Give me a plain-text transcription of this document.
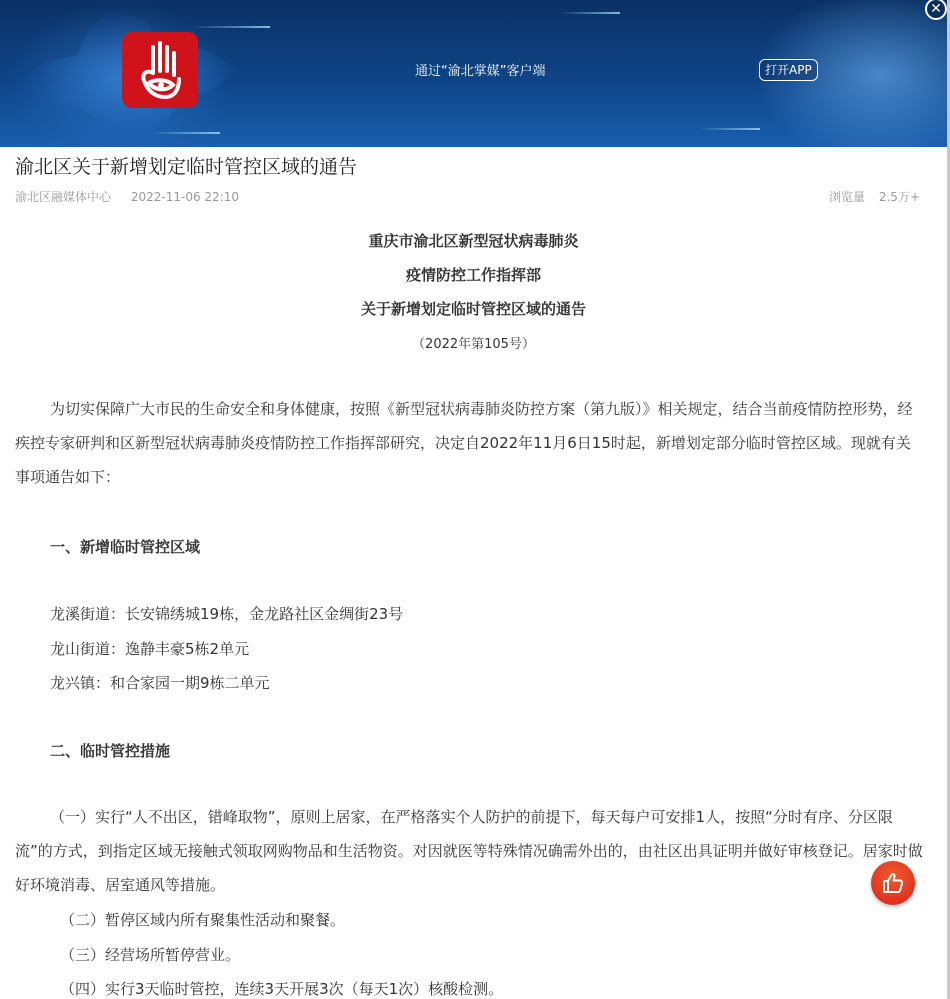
通过“渝北掌媒”客户端	打开APP
✕
渝北区关于新增划定临时管控区域的通告
渝北区融媒体中心 2022-11-06 22:10	浏览量 2.5万+
重庆市渝北区新型冠状病毒肺炎
疫情防控工作指挥部
关于新增划定临时管控区域的通告
（2022年第105号）

为切实保障广大市民的生命安全和身体健康，按照《新型冠状病毒肺炎防控方案（第九版）》相关规定，结合当前疫情防控形势，经疾控专家研判和区新型冠状病毒肺炎疫情防控工作指挥部研究，决定自2022年11月6日15时起，新增划定部分临时管控区域。现就有关事项通告如下：

一、新增临时管控区域
龙溪街道：长安锦绣城19栋，金龙路社区金绸街23号
龙山街道：逸静丰豪5栋2单元
龙兴镇：和合家园一期9栋二单元
二、临时管控措施

（一）实行“人不出区，错峰取物”，原则上居家，在严格落实个人防护的前提下，每天每户可安排1人，按照“分时有序、分区限流”的方式，到指定区域无接触式领取网购物品和生活物资。对因就医等特殊情况确需外出的，由社区出具证明并做好审核登记。居家时做好环境消毒、居室通风等措施。

（二）暂停区域内所有聚集性活动和聚餐。
（三）经营场所暂停营业。
（四）实行3天临时管控，连续3天开展3次（每天1次）核酸检测。
